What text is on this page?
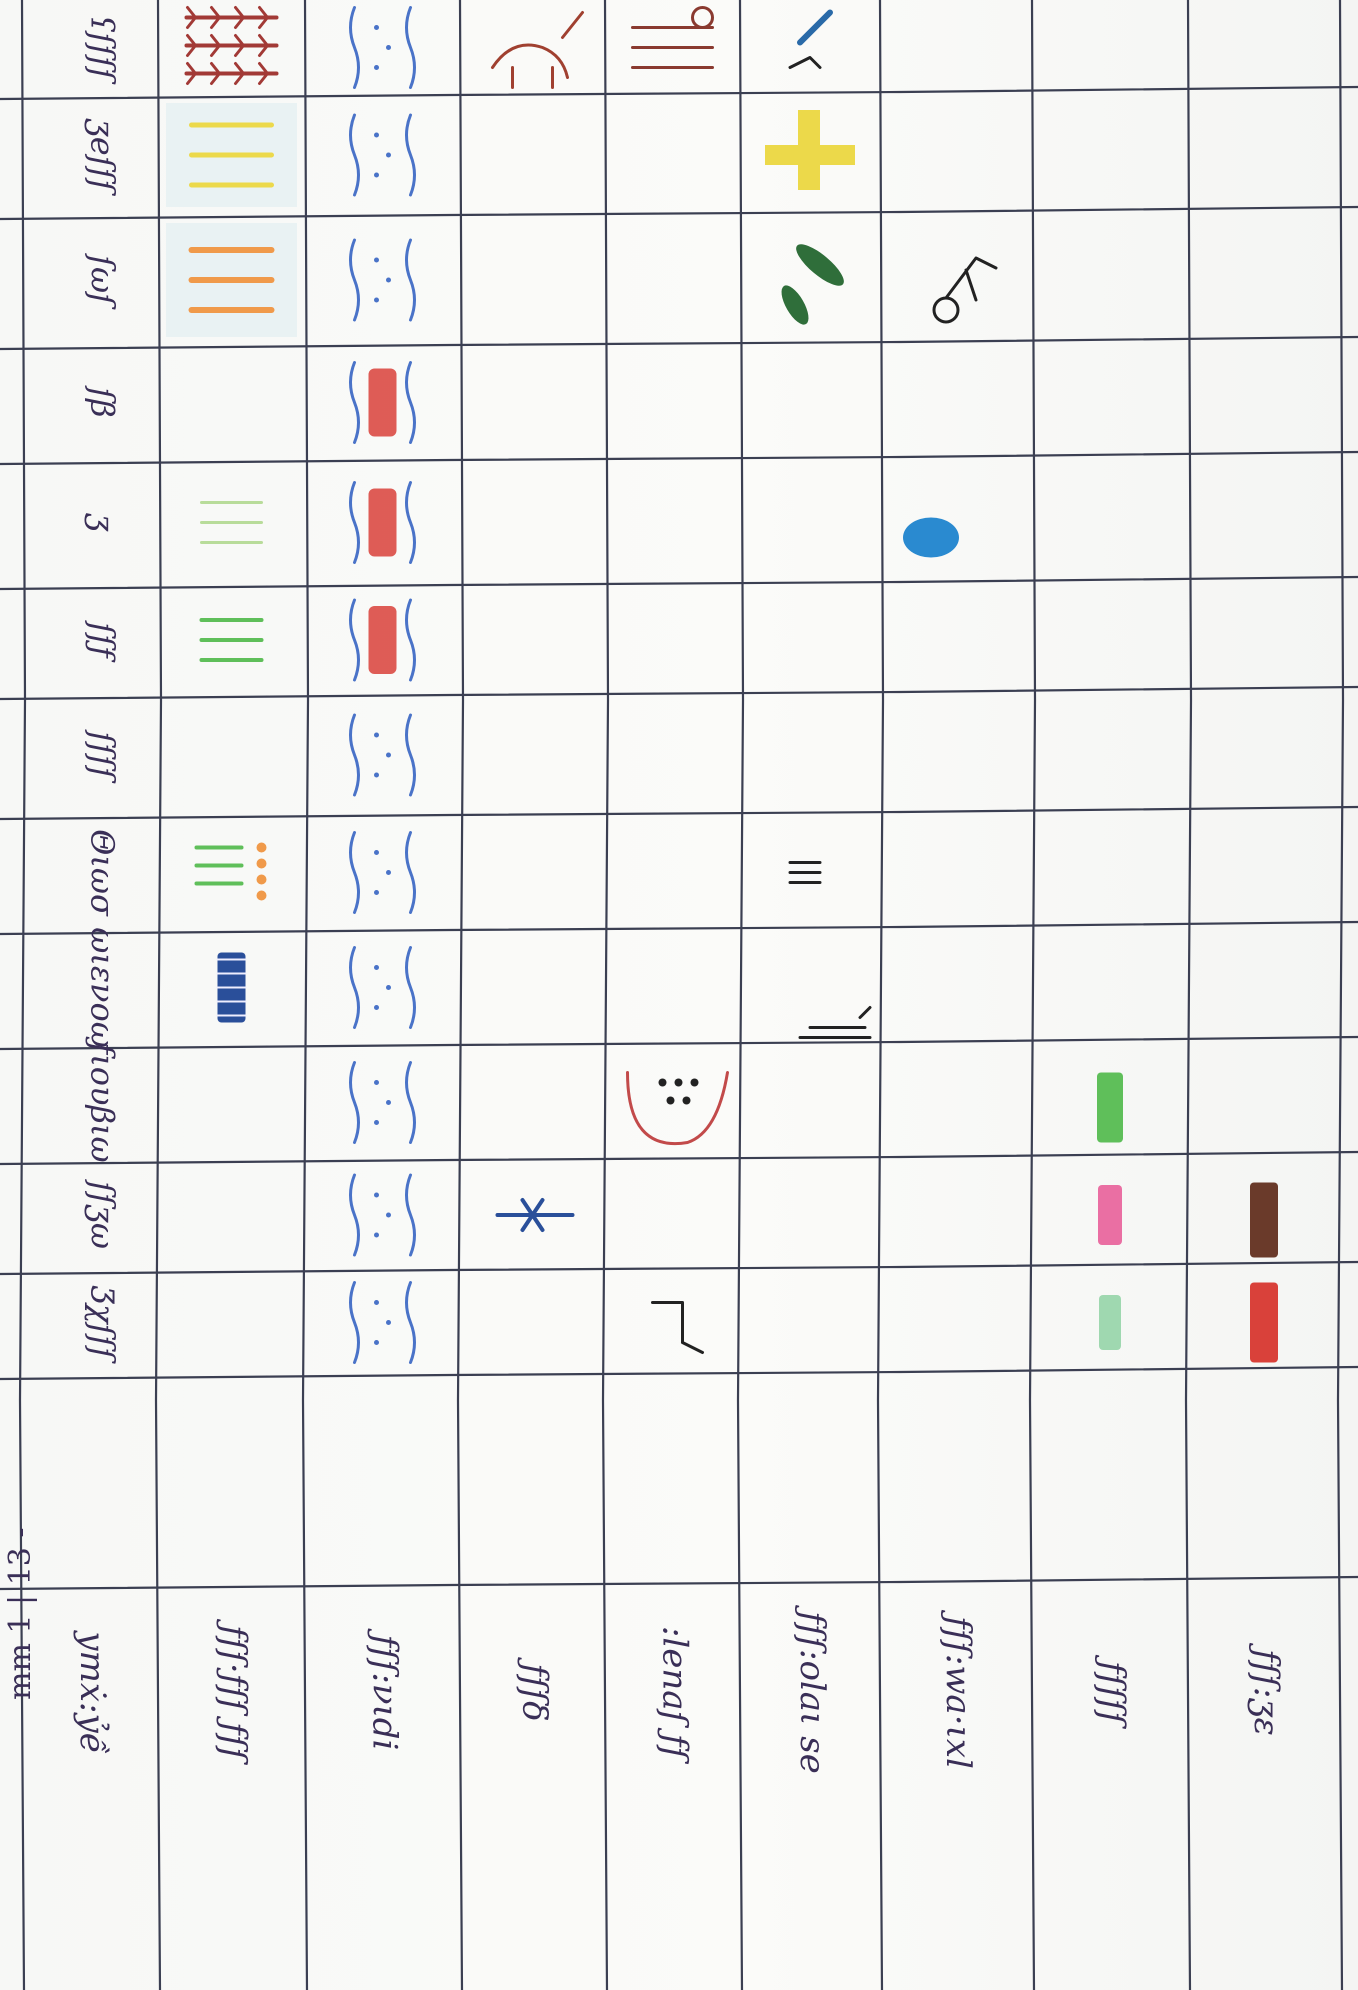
ymẋ:ỷề	ƒſſ·ƒſſ ƒſſ	ƒſſ:νιdi	ƒſſδ	:lenaſ ƒſ	ƒſſ:olaι se	ƒſſ:wa·ιxl	ƒſſſſ	ƒſſ:ʒε
ʕſſſſ
ʒeſſſ
ſωſ
ſβ
ʒ
ſſƒ
ſſſſ
Θιωσ
ωιενοω
ƒιουβιω
ſſʒω
Ʒχſſſ
mm 1 | 13 -
